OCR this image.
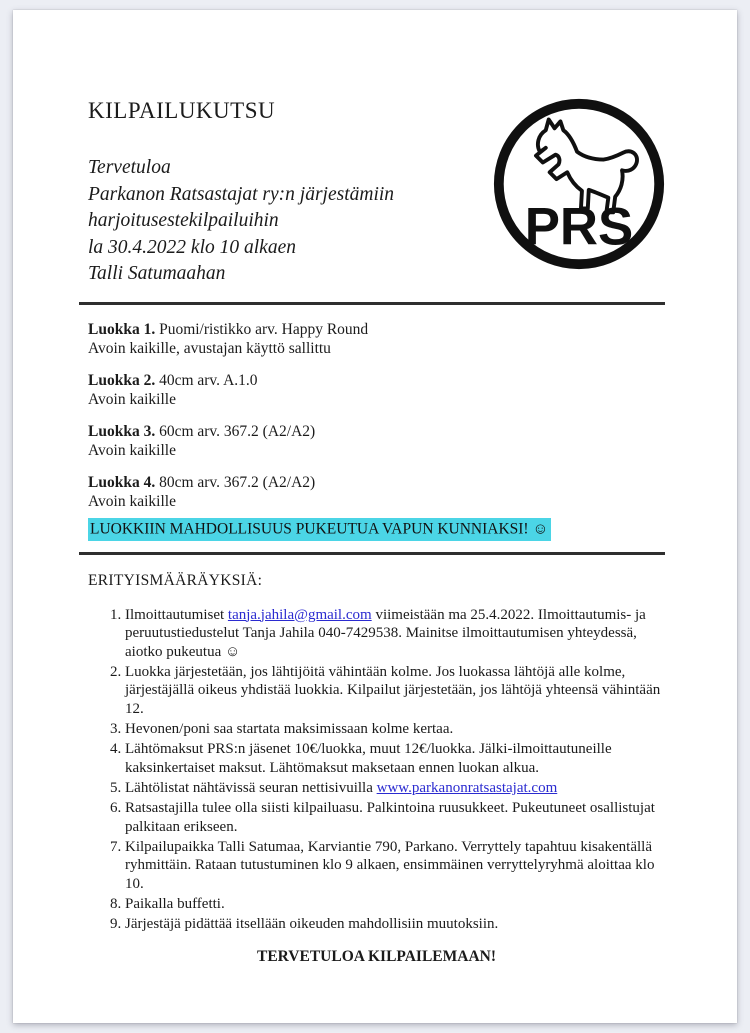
KILPAILUKUTSU
Tervetuloa
Parkanon Ratsastajat ry:n järjestämiin
harjoitusestekilpailuihin
la 30.4.2022 klo 10 alkaen
Talli Satumaahan
PRS

Luokka 1. Puomi/ristikko arv. Happy Round
Avoin kaikille, avustajan käyttö sallittu

Luokka 2. 40cm arv. A.1.0
Avoin kaikille

Luokka 3. 60cm arv. 367.2 (A2/A2)
Avoin kaikille

Luokka 4. 80cm arv. 367.2 (A2/A2)
Avoin kaikille

LUOKKIIN MAHDOLLISUUS PUKEUTUA VAPUN KUNNIAKSI! ☺

ERITYISMÄÄRÄYKSIÄ:
1. Ilmoittautumiset tanja.jahila@gmail.com viimeistään ma 25.4.2022. Ilmoittautumis- ja peruutustiedustelut Tanja Jahila 040-7429538. Mainitse ilmoittautumisen yhteydessä, aiotko pukeutua ☺
2. Luokka järjestetään, jos lähtijöitä vähintään kolme. Jos luokassa lähtöjä alle kolme, järjestäjällä oikeus yhdistää luokkia. Kilpailut järjestetään, jos lähtöjä yhteensä vähintään 12.
3. Hevonen/poni saa startata maksimissaan kolme kertaa.
4. Lähtömaksut PRS:n jäsenet 10€/luokka, muut 12€/luokka. Jälki-ilmoittautuneille kaksinkertaiset maksut. Lähtömaksut maksetaan ennen luokan alkua.
5. Lähtölistat nähtävissä seuran nettisivuilla www.parkanonratsastajat.com
6. Ratsastajilla tulee olla siisti kilpailuasu. Palkintoina ruusukkeet. Pukeutuneet osallistujat palkitaan erikseen.
7. Kilpailupaikka Talli Satumaa, Karviantie 790, Parkano. Verryttely tapahtuu kisakentällä ryhmittäin. Rataan tutustuminen klo 9 alkaen, ensimmäinen verryttelyryhmä aloittaa klo 10.
8. Paikalla buffetti.
9. Järjestäjä pidättää itsellään oikeuden mahdollisiin muutoksiin.

TERVETULOA KILPAILEMAAN!
